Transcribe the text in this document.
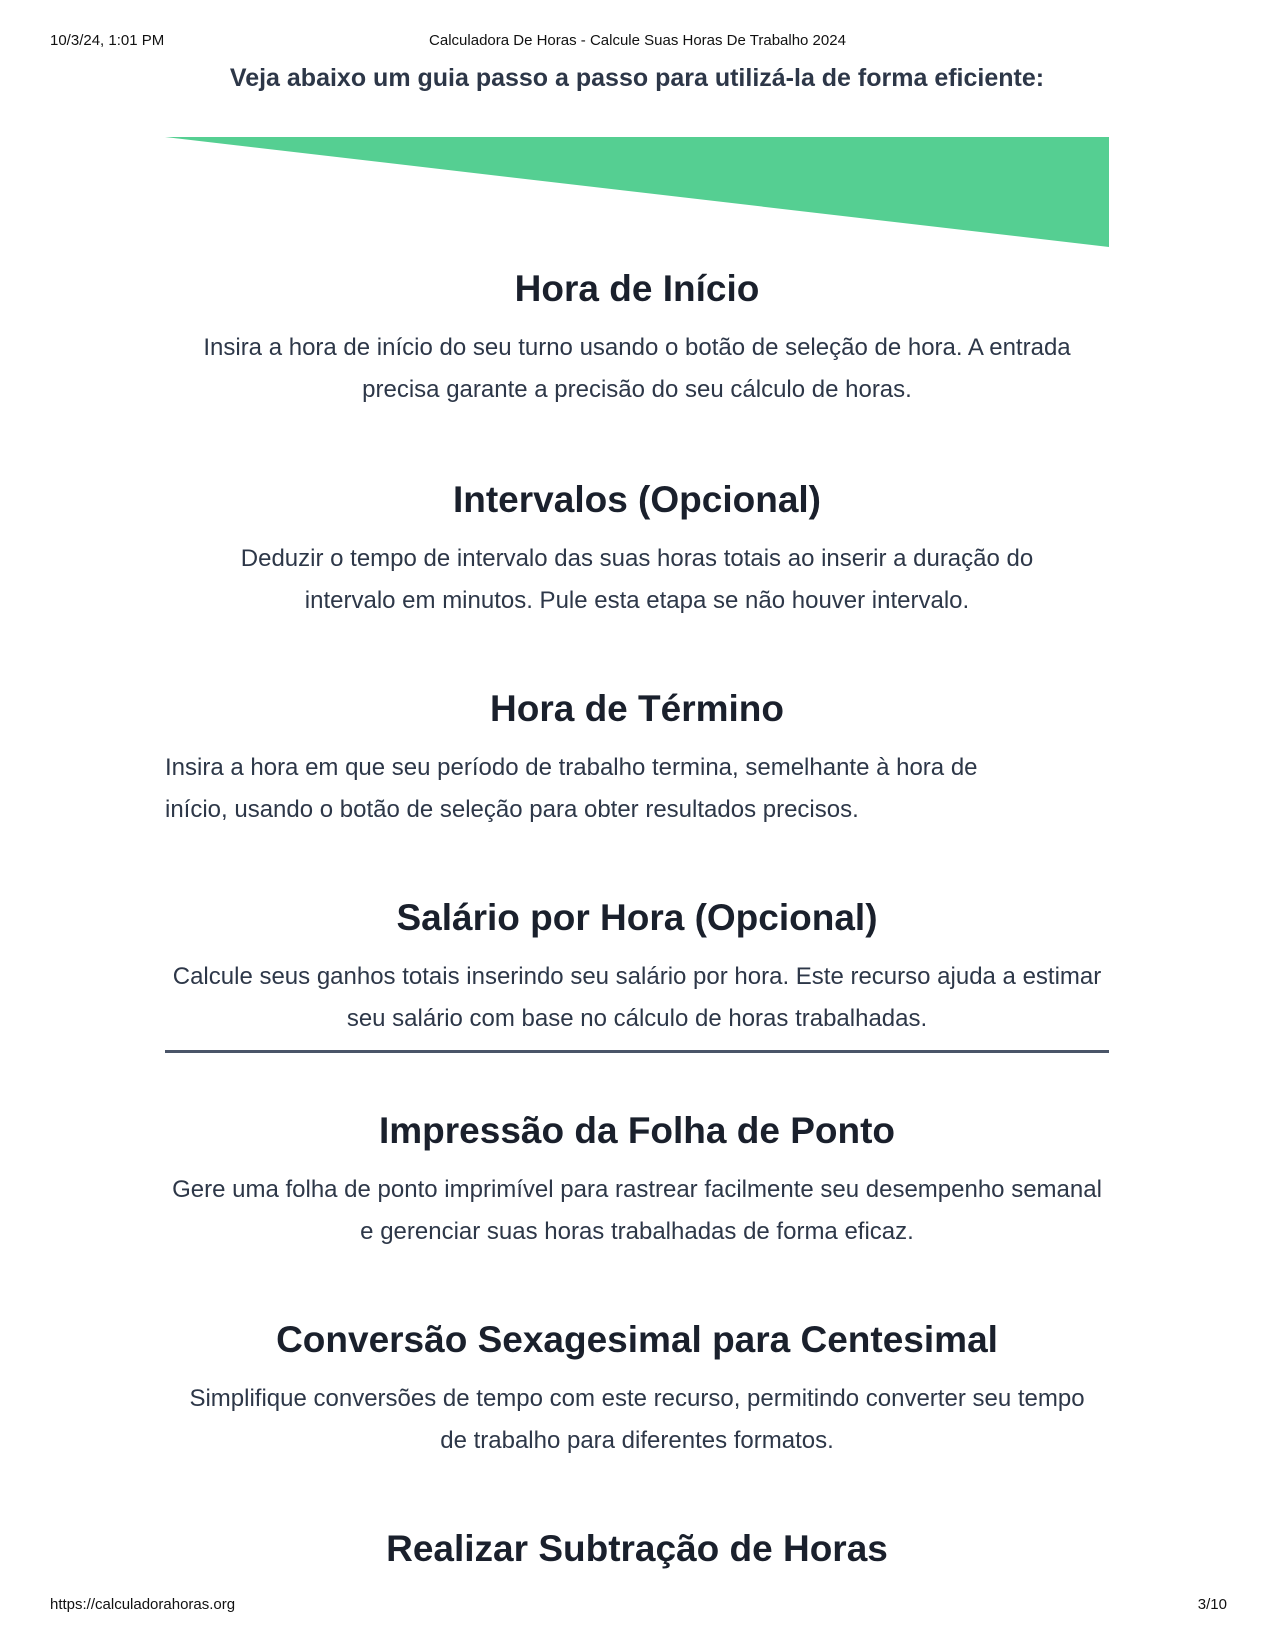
10/3/24, 1:01 PM	Calculadora De Horas - Calcule Suas Horas De Trabalho 2024
Veja abaixo um guia passo a passo para utilizá-la de forma eficiente:
Hora de Início

Insira a hora de início do seu turno usando o botão de seleção de hora. A entrada precisa garante a precisão do seu cálculo de horas.

Intervalos (Opcional)

Deduzir o tempo de intervalo das suas horas totais ao inserir a duração do intervalo em minutos. Pule esta etapa se não houver intervalo.

Hora de Término

Insira a hora em que seu período de trabalho termina, semelhante à hora de início, usando o botão de seleção para obter resultados precisos.

Salário por Hora (Opcional)

Calcule seus ganhos totais inserindo seu salário por hora. Este recurso ajuda a estimar seu salário com base no cálculo de horas trabalhadas.

Impressão da Folha de Ponto

Gere uma folha de ponto imprimível para rastrear facilmente seu desempenho semanal e gerenciar suas horas trabalhadas de forma eficaz.

Conversão Sexagesimal para Centesimal

Simplifique conversões de tempo com este recurso, permitindo converter seu tempo de trabalho para diferentes formatos.

Realizar Subtração de Horas
https://calculadorahoras.org	3/10
